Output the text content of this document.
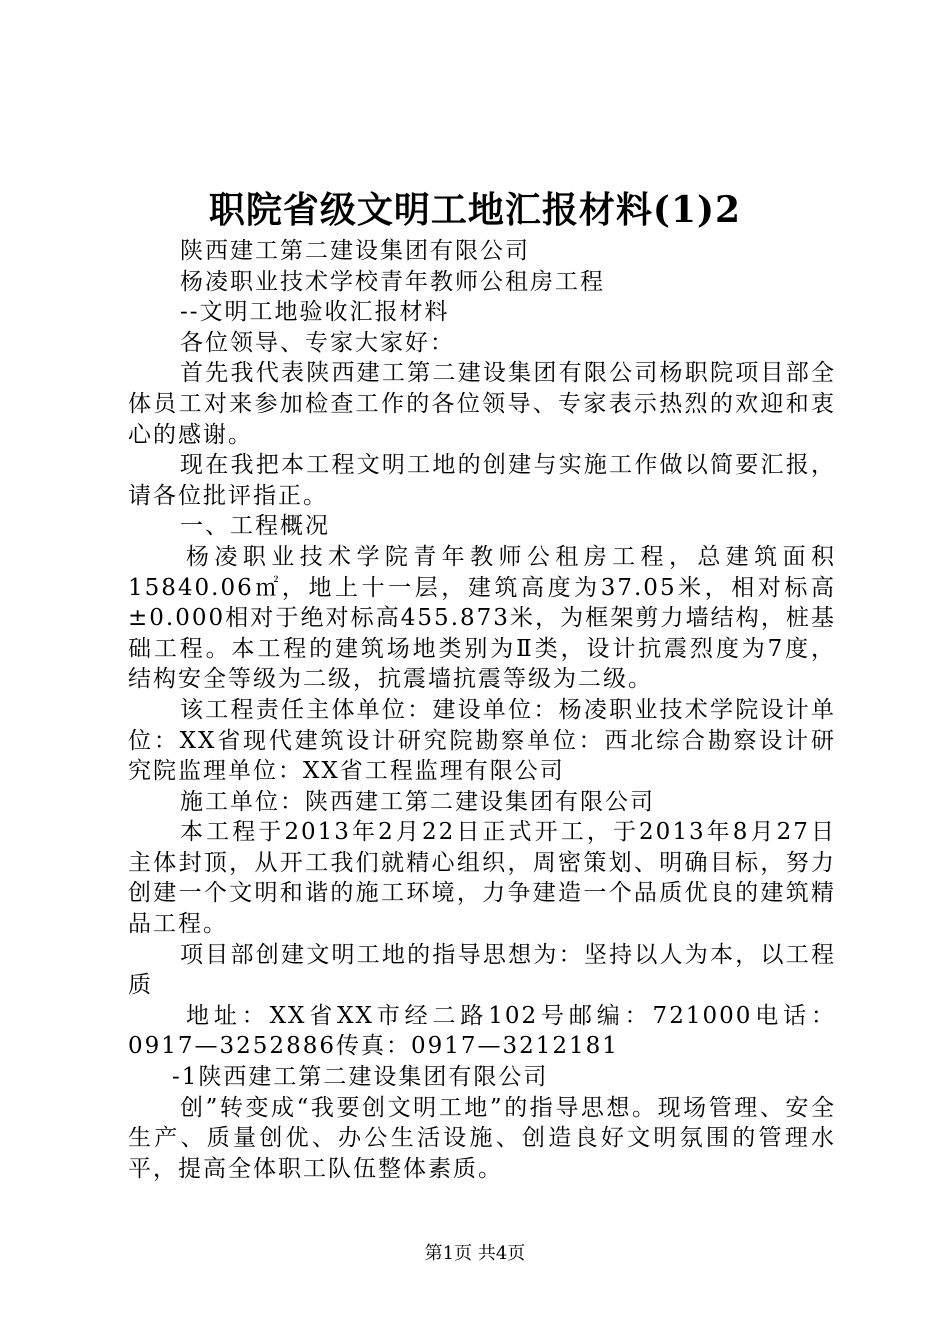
职院省级文明工地汇报材料(1)2

陕西建工第二建设集团有限公司

杨凌职业技术学校青年教师公租房工程

--文明工地验收汇报材料

各位领导、专家大家好：

首先我代表陕西建工第二建设集团有限公司杨职院项目部全体员工对来参加检查工作的各位领导、专家表示热烈的欢迎和衷心的感谢。

现在我把本工程文明工地的创建与实施工作做以简要汇报，请各位批评指正。

一、工程概况

杨凌职业技术学院青年教师公租房工程，总建筑面积15840.06㎡，地上十一层，建筑高度为37.05米，相对标高±0.000相对于绝对标高455.873米，为框架剪力墙结构，桩基础工程。本工程的建筑场地类别为Ⅱ类，设计抗震烈度为7度，结构安全等级为二级，抗震墙抗震等级为二级。

该工程责任主体单位：建设单位：杨凌职业技术学院设计单位：XX省现代建筑设计研究院勘察单位：西北综合勘察设计研究院监理单位：XX省工程监理有限公司

施工单位：陕西建工第二建设集团有限公司

本工程于2013年2月22日正式开工，于2013年8月27日主体封顶，从开工我们就精心组织，周密策划、明确目标，努力创建一个文明和谐的施工环境，力争建造一个品质优良的建筑精品工程。

项目部创建文明工地的指导思想为：坚持以人为本，以工程质

地址：XX省XX市经二路102号邮编：721000电话：0917—3252886传真：0917—3212181

-1陕西建工第二建设集团有限公司

创”转变成“我要创文明工地”的指导思想。现场管理、安全生产、质量创优、办公生活设施、创造良好文明氛围的管理水平，提高全体职工队伍整体素质。

第1页 共4页
